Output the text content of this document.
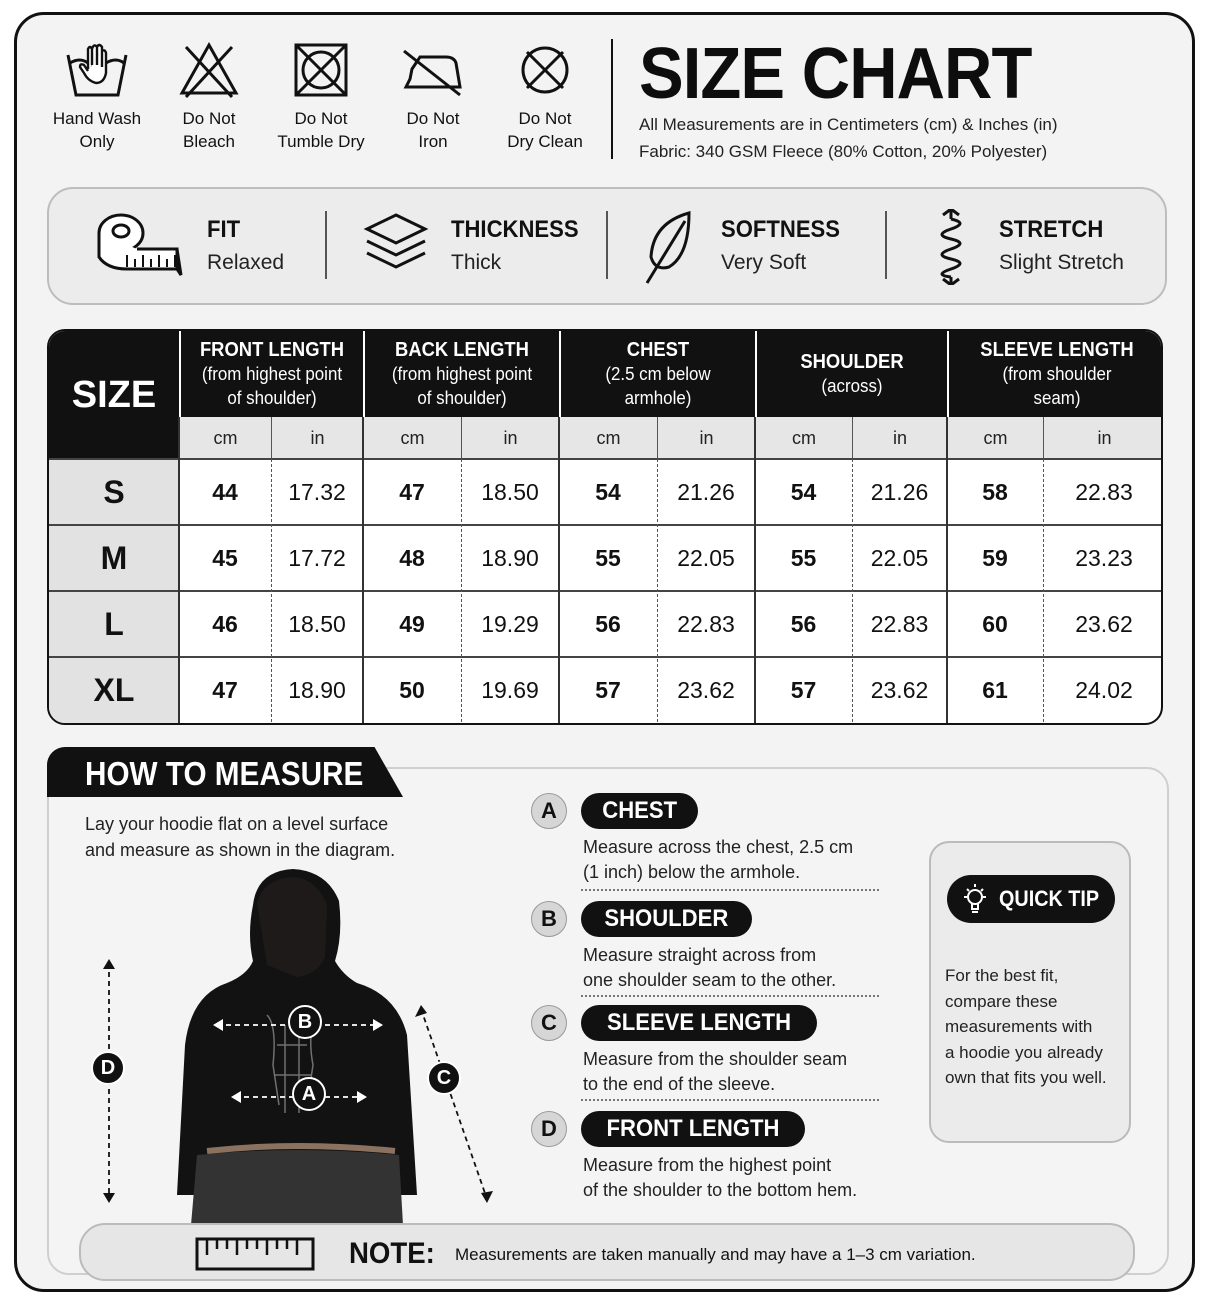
Hand Wash
Only
Do Not
Bleach
Do Not
Tumble Dry
Do Not
Iron
Do Not
Dry Clean
SIZE CHART
All Measurements are in Centimeters (cm) & Inches (in)
Fabric: 340 GSM Fleece (80% Cotton, 20% Polyester)
FIT
Relaxed
THICKNESS
Thick
SOFTNESS
Very Soft
STRETCH
Slight Stretch
SIZE
FRONT LENGTH
(from highest point
of shoulder)
cm	in
BACK LENGTH
(from highest point
of shoulder)
cm	in
CHEST
(2.5 cm below
armhole)
cm	in
SHOULDER
(across)
cm	in
SLEEVE LENGTH
(from shoulder
seam)
cm	in
S	44	17.32	47	18.50	54	21.26	54	21.26	58	22.83
M	45	17.72	48	18.90	55	22.05	55	22.05	59	23.23
L	46	18.50	49	19.29	56	22.83	56	22.83	60	23.62
XL	47	18.90	50	19.69	57	23.62	57	23.62	61	24.02
HOW TO MEASURE
Lay your hoodie flat on a level surface
and measure as shown in the diagram.
D
B
A
C
A	CHEST
Measure across the chest, 2.5 cm
(1 inch) below the armhole.
B	SHOULDER
Measure straight across from
one shoulder seam to the other.
C	SLEEVE LENGTH
Measure from the shoulder seam
to the end of the sleeve.
D	FRONT LENGTH
Measure from the highest point
of the shoulder to the bottom hem.
QUICK TIP
For the best fit,
compare these
measurements with
a hoodie you already
own that fits you well.
NOTE: Measurements are taken manually and may have a 1–3 cm variation.
